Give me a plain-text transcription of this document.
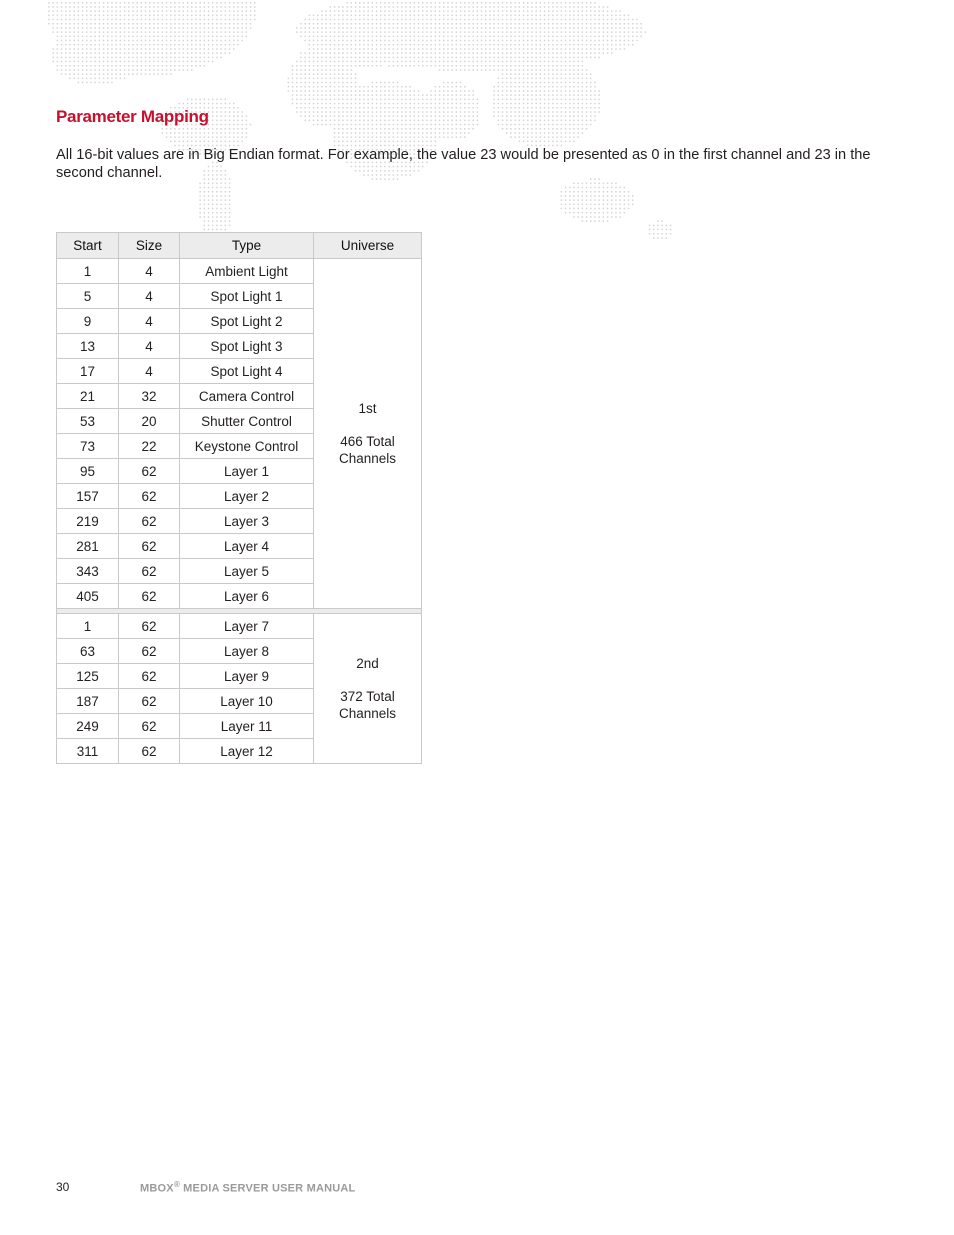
Parameter Mapping
All 16-bit values are in Big Endian format. For example, the value 23 would be presented as 0 in the first channel and 23 in the second channel.
Start	Size	Type	Universe
1	4	Ambient Light	1st
466 Total Channels

5	4	Spot Light 1	
9	4	Spot Light 2	
13	4	Spot Light 3	
17	4	Spot Light 4	
21	32	Camera Control	
53	20	Shutter Control	
73	22	Keystone Control	
95	62	Layer 1	
157	62	Layer 2	
219	62	Layer 3	
281	62	Layer 4	
343	62	Layer 5	
405	62	Layer 6	

1	62	Layer 7	2nd
372 Total Channels

63	62	Layer 8	
125	62	Layer 9	
187	62	Layer 10	
249	62	Layer 11	
311	62	Layer 12	
30	MBOX® MEDIA SERVER USER MANUAL
